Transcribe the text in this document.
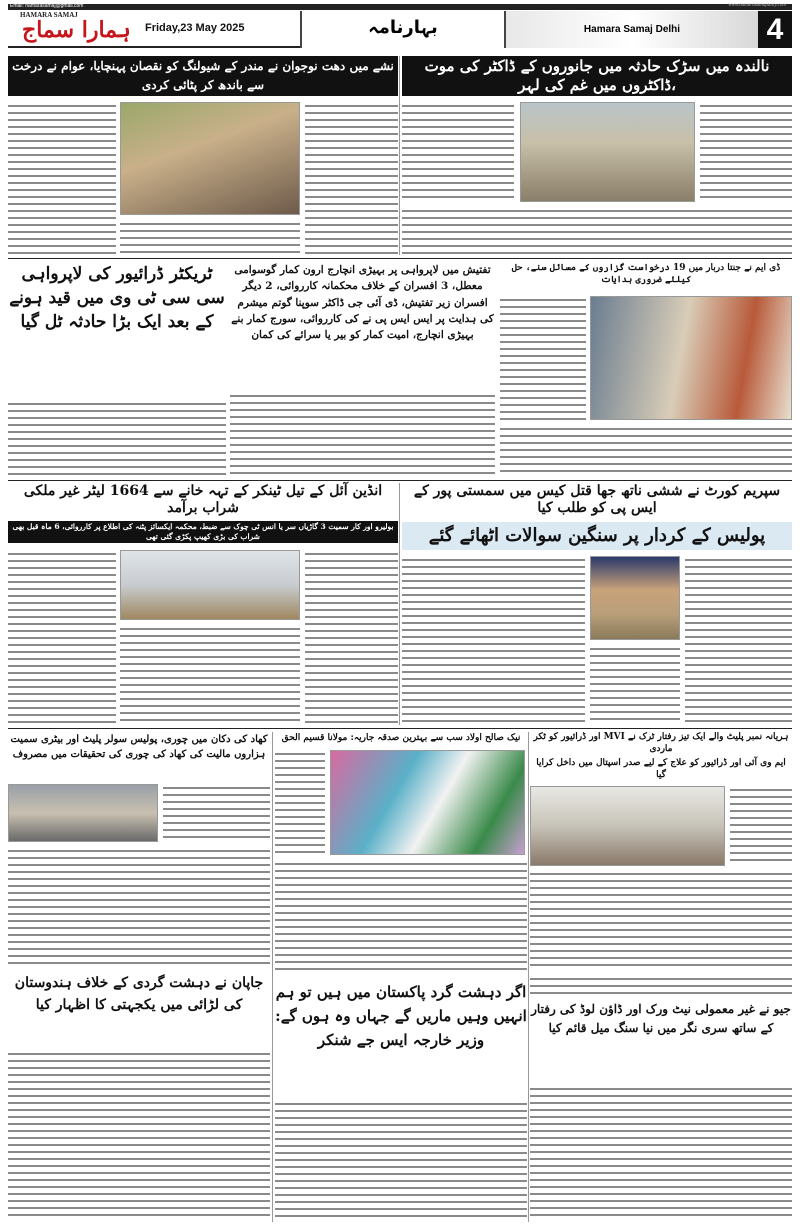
Email: hamarasamaj@gmail.com	www.hamarasamajdaily.com
HAMARA SAMAJ
ہمارا سماج Friday,23 May 2025	بہارنامہ	Hamara Samaj Delhi	4
نالندہ میں سڑک حادثہ میں جانوروں کے ڈاکٹر کی موت ،ڈاکٹروں میں غم کی لہر
نشے میں دھت نوجوان نے مندر کے شیولنگ کو نقصان پہنچایا، عوام نے درخت سے باندھ کر پٹائی کردی
ڈی ایم نے جنتا دربار میں 19 درخواست گزاروں کے مسائل سنے، حل کیلئے ضروری ہدایات
تفتیش میں لاپرواہی پر بہیڑی انچارج ارون کمار گوسوامی معطل، 3 افسران کے خلاف محکمانہ کارروائی، 2 دیگر افسران زیر تفتیش، ڈی آئی جی ڈاکٹر سوپنا گوتم میشرم کی ہدایت پر ایس ایس پی نے کی کارروائی، سورج کمار بنے بہیڑی انچارج، امیت کمار کو بیر یا سرائے کی کمان
ٹریکٹر ڈرائیور کی لاپرواہی سی سی ٹی وی میں قید ہونے کے بعد ایک بڑا حادثہ ٹل گیا
سپریم کورٹ نے ششی ناتھ جھا قتل کیس میں سمستی پور کے ایس پی کو طلب کیا
پولیس کے کردار پر سنگین سوالات اٹھائے گئے
انڈین آئل کے تیل ٹینکر کے تہہ خانے سے 1664 لیٹر غیر ملکی شراب برآمد
بولیرو اور کار سمیت 3 گاڑیاں سر یا انس ٹی چوک سے ضبط، محکمہ ایکسائز پٹنہ کی اطلاع پر کارروائی، 6 ماہ قبل بھی شراب کی بڑی کھیپ پکڑی گئی تھی
ہریانہ نمبر پلیٹ والے ایک تیز رفتار ٹرک نے MVI اور ڈرائیور کو ٹکر ماردی
ایم وی آئی اور ڈرائیور کو علاج کے لیے صدر اسپتال میں داخل کرایا گیا
نیک صالح اولاد سب سے بہترین صدقہ جاریہ: مولانا قسیم الحق
کھاد کی دکان میں چوری، پولیس سولر پلیٹ اور بیٹری سمیت ہزاروں مالیت کی کھاد کی چوری کی تحقیقات میں مصروف
جاپان نے دہشت گردی کے خلاف ہندوستان کی لڑائی میں یکجہتی کا اظہار کیا
اگر دہشت گرد پاکستان میں ہیں تو ہم انہیں وہیں ماریں گے جہاں وہ ہوں گے: وزیر خارجہ ایس جے شنکر
جیو نے غیر معمولی نیٹ ورک اور ڈاؤن لوڈ کی رفتار کے ساتھ سری نگر میں نیا سنگ میل قائم کیا
